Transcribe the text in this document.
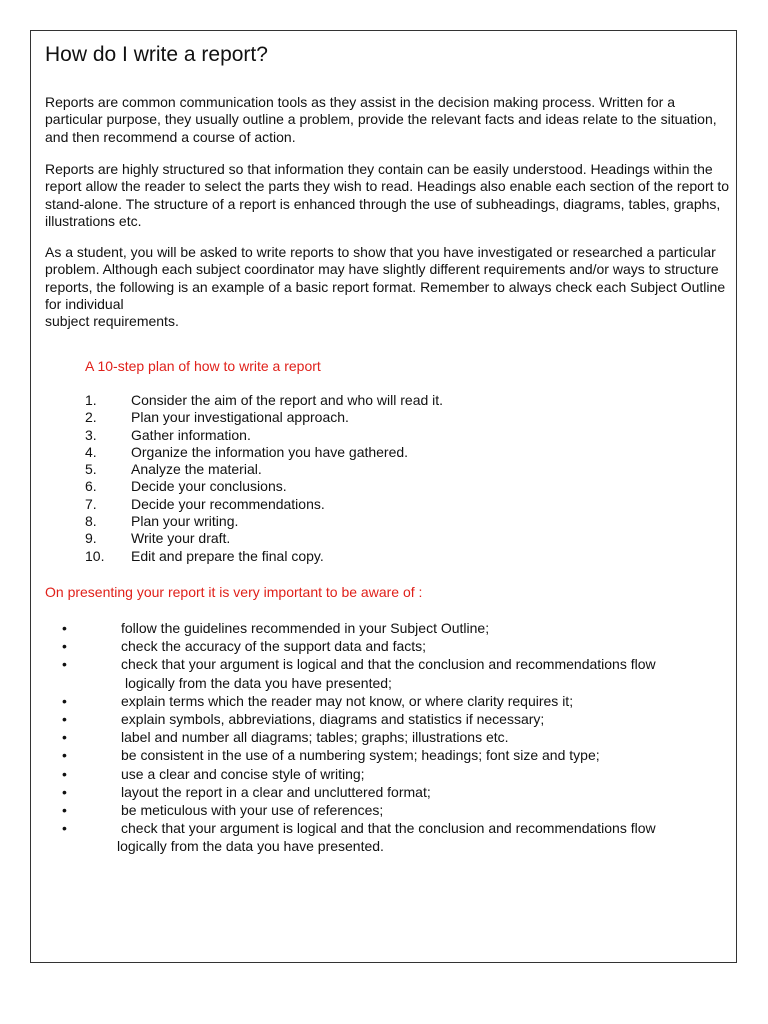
How do I write a report?

Reports are common communication tools as they assist in the decision making process. Written for a particular purpose, they usually outline a problem, provide the relevant facts and ideas relate to the situation, and then recommend a course of action.

Reports are highly structured so that information they contain can be easily understood. Headings within the report allow the reader to select the parts they wish to read. Headings also enable each section of the report to stand-alone. The structure of a report is enhanced through the use of subheadings, diagrams, tables, graphs, illustrations etc.

As a student, you will be asked to write reports to show that you have investigated or researched a particular problem. Although each subject coordinator may have slightly different requirements and/or ways to structure reports, the following is an example of a basic report format. Remember to always check each Subject Outline for individual
subject requirements.

A 10-step plan of how to write a report

1. Consider the aim of the report and who will read it.
2. Plan your investigational approach.
3. Gather information.
4. Organize the information you have gathered.
5. Analyze the material.
6. Decide your conclusions.
7. Decide your recommendations.
8. Plan your writing.
9. Write your draft.
10. Edit and prepare the final copy.

On presenting your report it is very important to be aware of :

•	follow the guidelines recommended in your Subject Outline;
•	check the accuracy of the support data and facts;
•	check that your argument is logical and that the conclusion and recommendations flow
logically from the data you have presented;
•	explain terms which the reader may not know, or where clarity requires it;
•	explain symbols, abbreviations, diagrams and statistics if necessary;
•	label and number all diagrams; tables; graphs; illustrations etc.
•	be consistent in the use of a numbering system; headings; font size and type;
•	use a clear and concise style of writing;
•	layout the report in a clear and uncluttered format;
•	be meticulous with your use of references;
•	check that your argument is logical and that the conclusion and recommendations flow
logically from the data you have presented.
